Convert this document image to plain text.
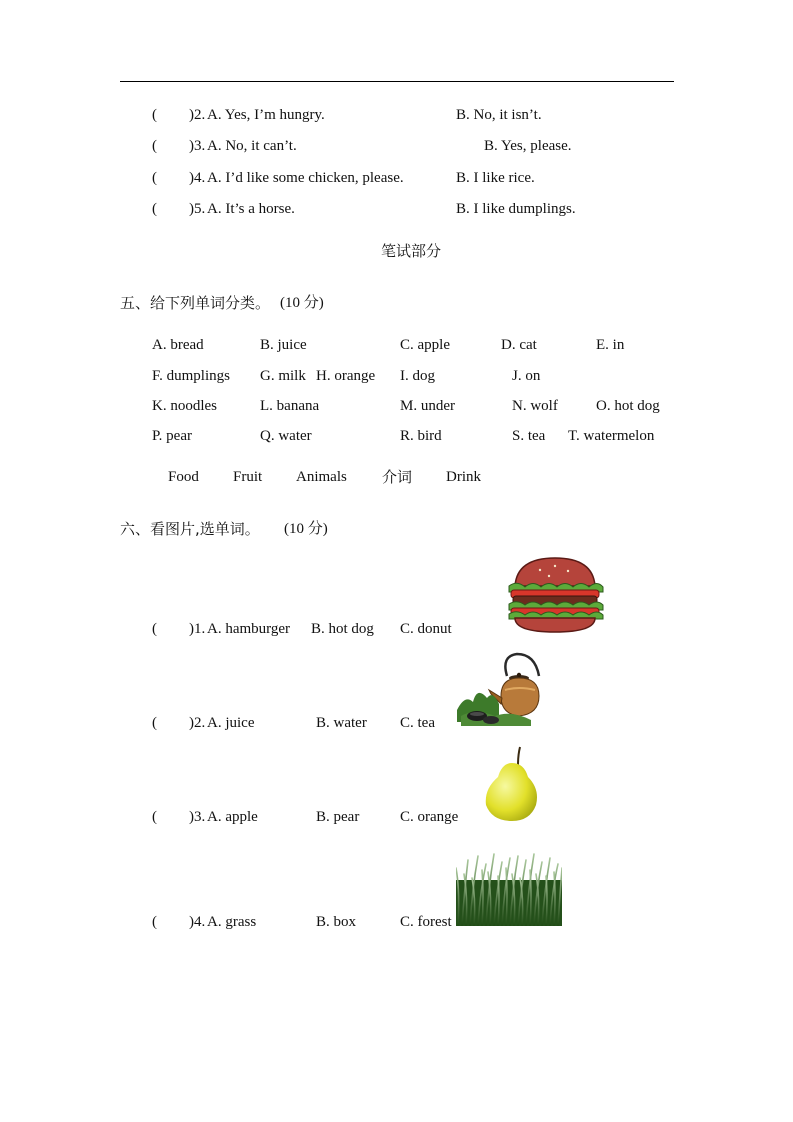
( )2. A. Yes, I’m hungry.	B. No, it isn’t.
( )3. A. No, it can’t.	B. Yes, please.
( )4. A. I’d like some chicken, please.	B. I like rice.
( )5. A. It’s a horse.	B. I like dumplings.
笔试部分
五、给下列单词分类。 (10 分)
A. bread	B. juice	C. apple	D. cat	E. in
F. dumplings G. milk H. orange I. dog	J. on
K. noodles	L. banana	M. under	N. wolf	O. hot dog
P. pear	Q. water	R. bird	S. tea T. watermelon
Food Fruit Animals 介词 Drink
六、看图片,选单词。 (10 分)
( )1. A. hamburger B. hot dog C. donut
( )2. A. juice	B. water C. tea
( )3. A. apple	B. pear	C. orange
( )4. A. grass	B. box	C. forest
